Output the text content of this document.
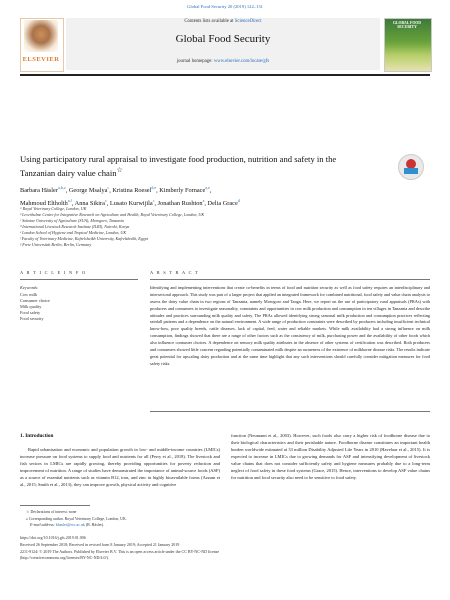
Global Food Security 20 (2019) 122–131
ELSEVIER
Contents lists available at ScienceDirect
Global Food Security
journal homepage: www.elsevier.com/locate/gfs
GLOBAL FOOD SECURITY
Using participatory rural appraisal to investigate food production, nutrition and safety in the Tanzanian dairy value chain☆
Barbara Häsler$^{a,b,⁎}$, George Msalya$^c$, Kristina Roesel$^{d,e}$, Kimberly Fornace$^{a,e}$,
Mahmoud Eltholth$^{a,f}$, Anna Sikira$^c$, Lusato Kurwijila$^c$, Jonathan Rushton$^a$, Delia Grace$^d$
ᵃ Royal Veterinary College, London, UK
ᵇ Leverhulme Centre for Integrative Research on Agriculture and Health, Royal Veterinary College, London, UK
ᶜ Sokoine University of Agriculture (SUA), Morogoro, Tanzania
ᵈ International Livestock Research Institute (ILRI), Nairobi, Kenya
ᵉ London School of Hygiene and Tropical Medicine, London, UK
ᶠ Faculty of Veterinary Medicine, Kafrelsheikh University, Kafrelsheikh, Egypt
ᵍ Freie Universität Berlin, Berlin, Germany
A R T I C L E I N F O	A B S T R A C T
Keywords:
Cow milk
Consumer choice
Milk quality
Food safety
Food security
Identifying and implementing interventions that create co-benefits in terms of food and nutrition security as well as food safety requires an interdisciplinary and intersectoral approach. This study was part of a larger project that applied an integrated framework for combined nutritional, food safety and value chain analysis to assess the dairy value chain in two regions of Tanzania, namely Morogoro and Tanga. Here, we report on the use of participatory rural appraisals (PRAs) with producers and consumers to investigate seasonality, constraints and opportunities in cow milk production and consumption in ten villages in Tanzania and describe attitudes and practices surrounding milk quality and safety. The PRAs allowed identifying strong seasonal milk production and consumption practices reflecting rainfall patterns and a dependence on the natural environment. A wide range of production constraints were described by producers including insufficient technical know-how, poor quality breeds, cattle diseases, lack of capital, feed, water and reliable markets. While milk availability had a strong influence on milk consumption, findings showed that there are a range of other factors such as the consistency of milk, purchasing power and the availability of other foods which also influence consumer choices. A dependence on sensory milk quality attributes in the absence of other systems of certification was described. Both producers and consumers showed little concern regarding potentially contaminated milk despite an awareness of the existence of milkborne disease risks. The results indicate great potential for upscaling dairy production and at the same time highlight that any such interventions should carefully consider mitigation measures for food safety risks.
1. Introduction

Rapid urbanisation and economic and population growth in low- and middle-income countries (LMICs) increase pressure on food systems to supply food and nutrients for all (Perry et al., 2018). The livestock and fish sectors in LMICs are rapidly growing, thereby providing opportunities for poverty reduction and improvement of nutrition. A range of studies have demonstrated the importance of animal-source foods (ASF) as a source of essential nutrients such as vitamin B12, iron, and zinc in highly bioavailable forms (Azzam et al., 2015; Smith et al., 2013); they can improve growth, physical activity and cognitive

function (Neumann et al., 2003). However, such foods also carry a higher risk of foodborne disease due to their biological characteristics and their perishable nature. Foodborne disease constitutes an important health burden worldwide estimated at 33 million Disability Adjusted Life Years in 2010 (Havelaar et al., 2015). It is expected to increase in LMICs due to growing demands for ASF and intensifying development of livestock value chains that does not consider sufficiently safety and hygiene measures probably due to a long-term neglect of food safety in these food systems (Grace, 2015). Hence, interventions to develop ASF value chains for nutrition and food security also need to be sensitive to food safety.

☆ Declarations of interest: none
⁎ Corresponding author. Royal Veterinary College, London, UK.
E-mail address: bhasler@rvc.ac.uk (B. Häsler).
https://doi.org/10.1016/j.gfs.2019.01.006
Received 26 September 2018; Received in revised form 8 January 2019; Accepted 21 January 2019
2211-9124/ © 2019 The Authors. Published by Elsevier B.V. This is an open access article under the CC BY-NC-ND license
(http://creativecommons.org/licenses/BY-NC-ND/4.0/).
